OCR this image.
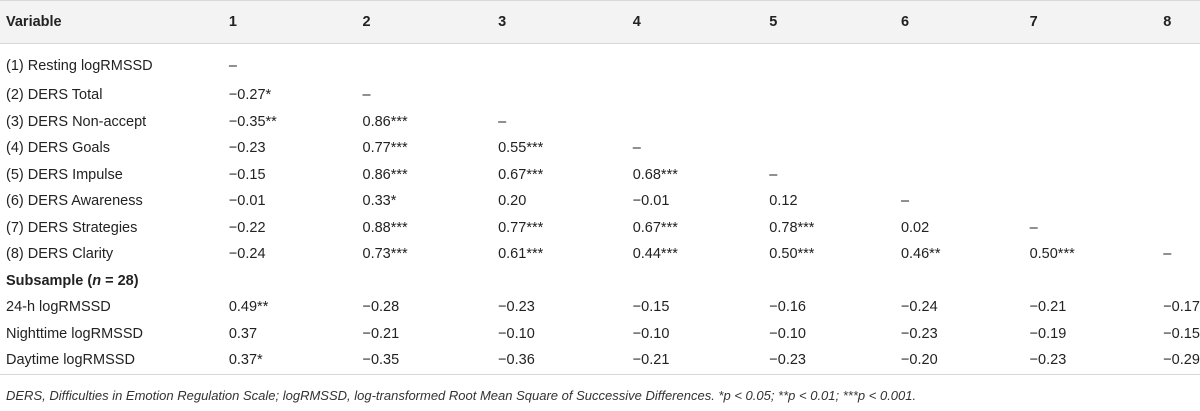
Variable	1	2	3	4	5	6	7	8
(1) Resting logRMSSD	–							
(2) DERS Total	−0.27*	–						
(3) DERS Non-accept	−0.35**	0.86***	–					
(4) DERS Goals	−0.23	0.77***	0.55***	–				
(5) DERS Impulse	−0.15	0.86***	0.67***	0.68***	–			
(6) DERS Awareness	−0.01	0.33*	0.20	−0.01	0.12	–		
(7) DERS Strategies	−0.22	0.88***	0.77***	0.67***	0.78***	0.02	–	
(8) DERS Clarity	−0.24	0.73***	0.61***	0.44***	0.50***	0.46**	0.50***	–
Subsample (n = 28)								
24-h logRMSSD	0.49**	−0.28	−0.23	−0.15	−0.16	−0.24	−0.21	−0.17
Nighttime logRMSSD	0.37	−0.21	−0.10	−0.10	−0.10	−0.23	−0.19	−0.15
Daytime logRMSSD	0.37*	−0.35	−0.36	−0.21	−0.23	−0.20	−0.23	−0.29
DERS, Difficulties in Emotion Regulation Scale; logRMSSD, log-transformed Root Mean Square of Successive Differences. *p < 0.05; **p < 0.01; ***p < 0.001.
